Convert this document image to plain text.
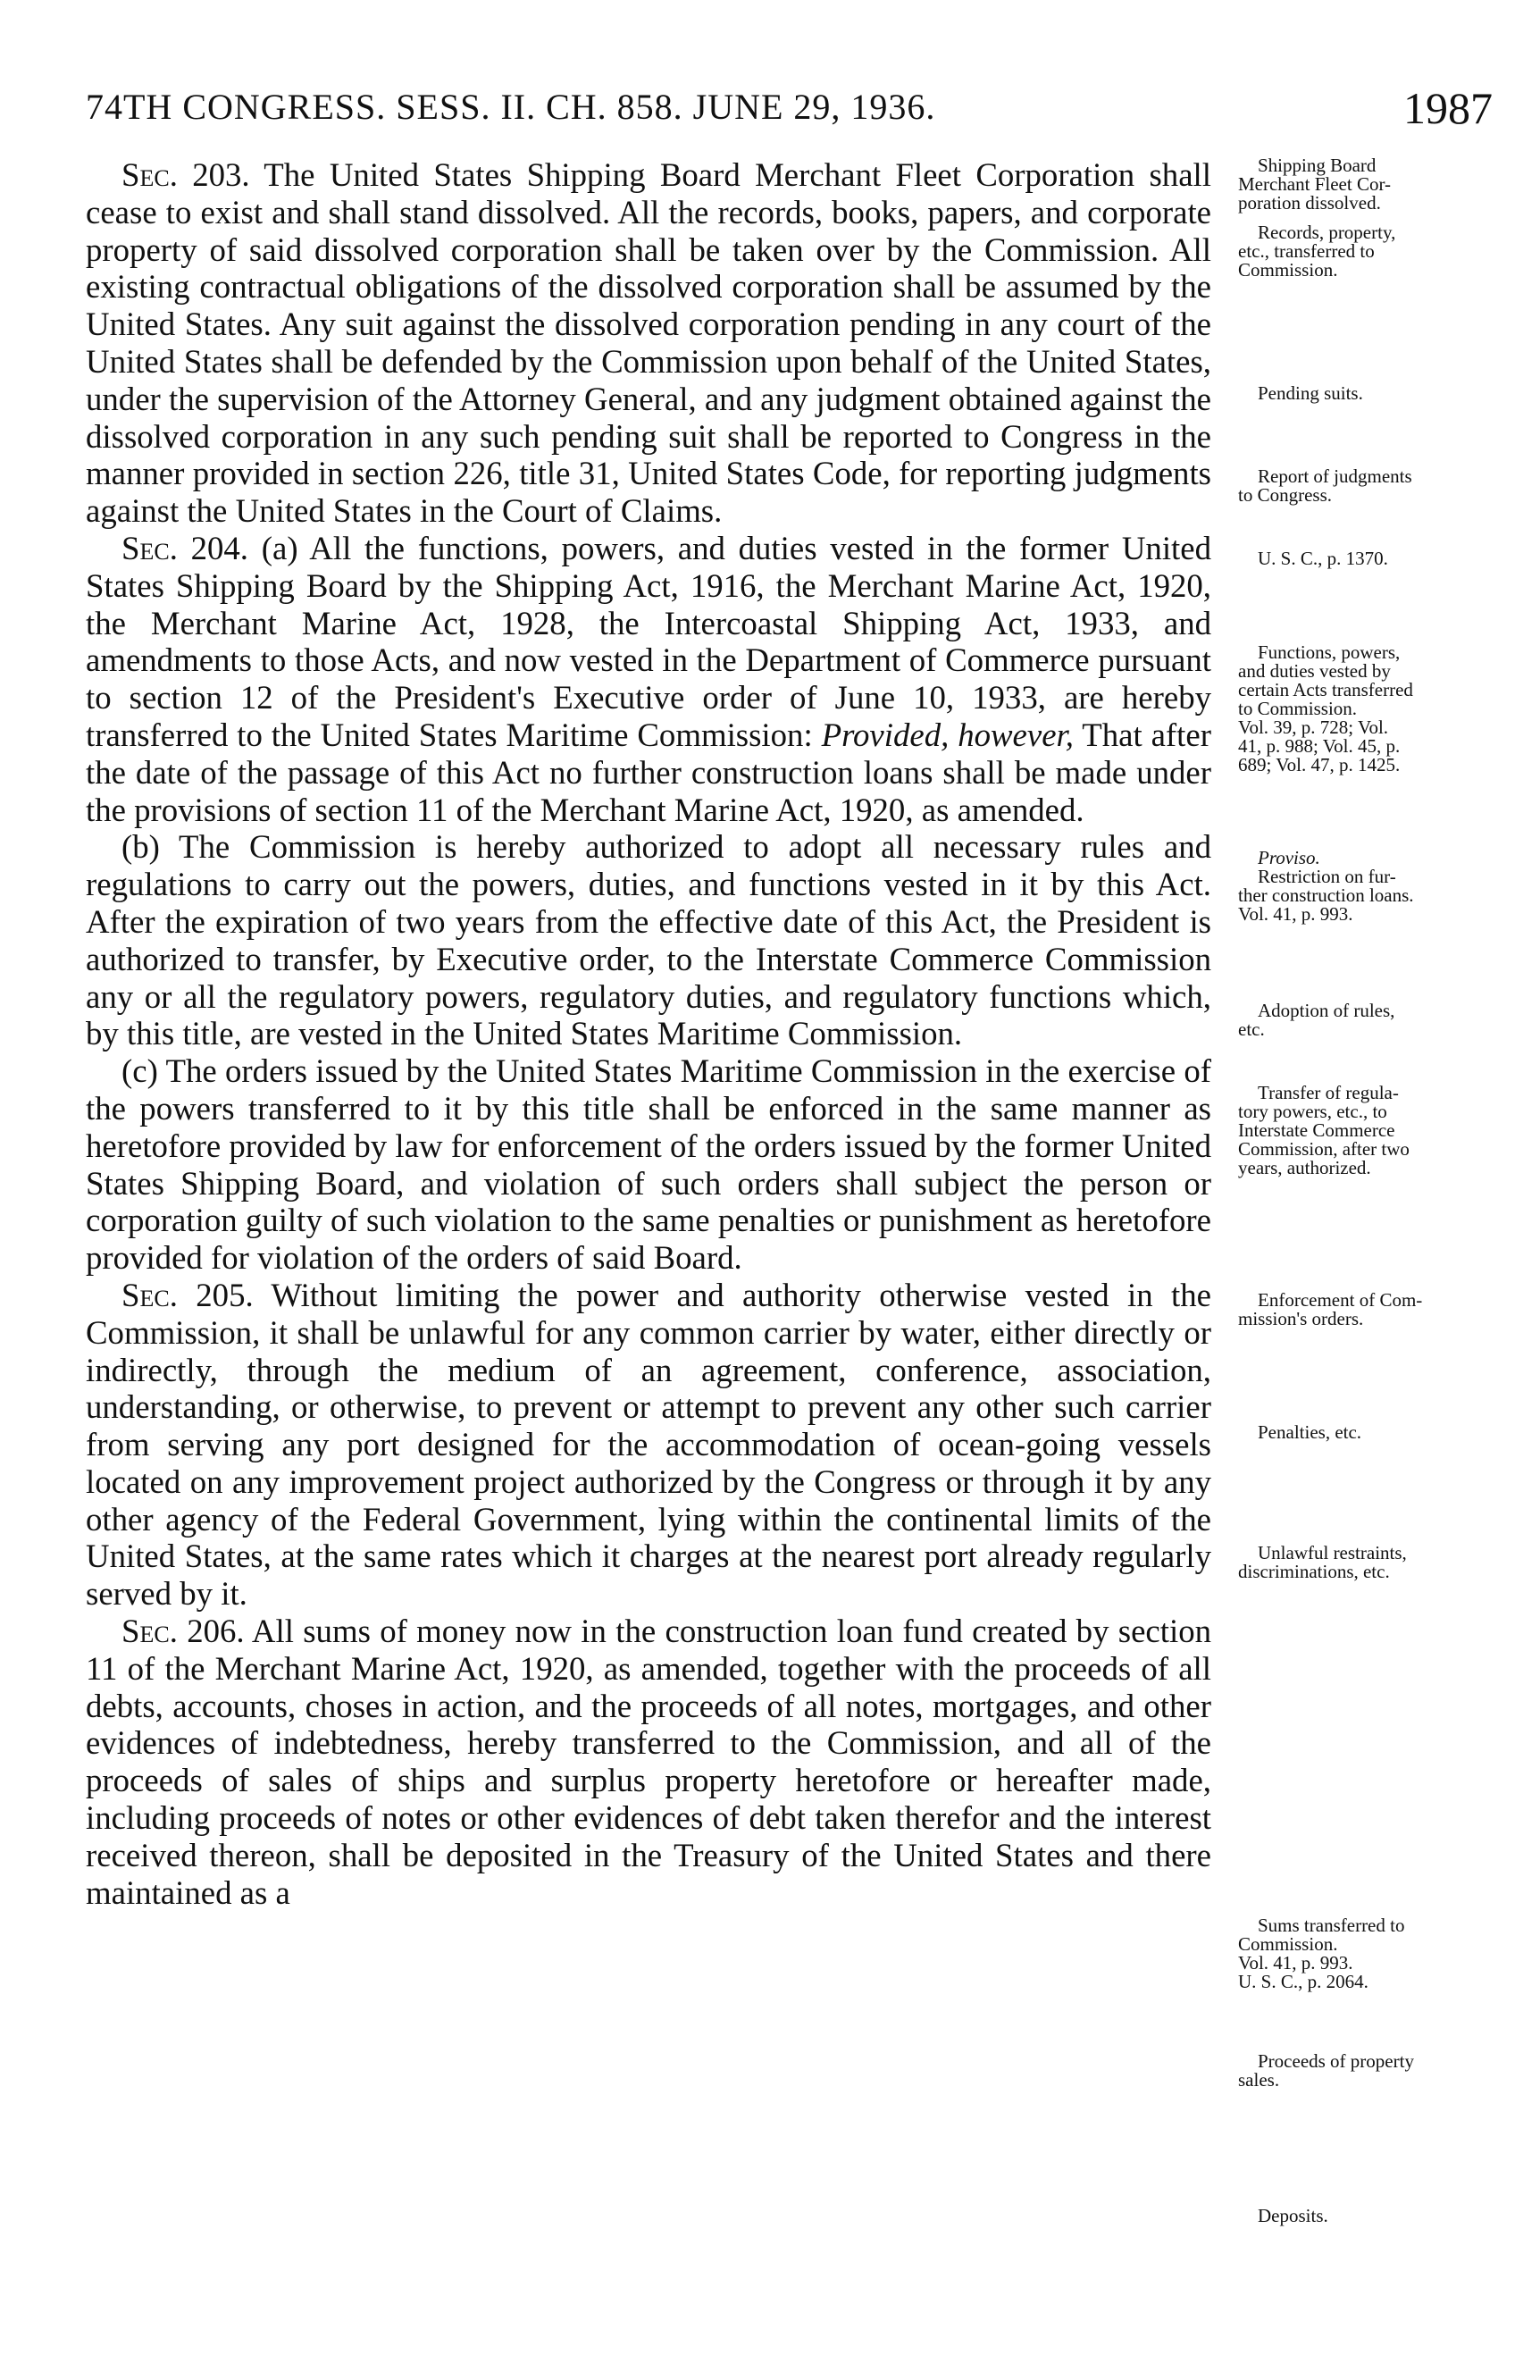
74TH CONGRESS. SESS. II. CH. 858. JUNE 29, 1936.	1987

Sec. 203. The United States Shipping Board Merchant Fleet Corporation shall cease to exist and shall stand dissolved. All the records, books, papers, and corporate property of said dissolved corporation shall be taken over by the Commission. All existing contractual obligations of the dissolved corporation shall be assumed by the United States. Any suit against the dissolved corporation pending in any court of the United States shall be defended by the Commission upon behalf of the United States, under the supervision of the Attorney General, and any judgment obtained against the dissolved corporation in any such pending suit shall be reported to Congress in the manner provided in section 226, title 31, United States Code, for reporting judgments against the United States in the Court of Claims.

Sec. 204. (a) All the functions, powers, and duties vested in the former United States Shipping Board by the Shipping Act, 1916, the Merchant Marine Act, 1920, the Merchant Marine Act, 1928, the Intercoastal Shipping Act, 1933, and amendments to those Acts, and now vested in the Department of Commerce pursuant to section 12 of the President's Executive order of June 10, 1933, are hereby transferred to the United States Maritime Commission: Provided, however, That after the date of the passage of this Act no further construction loans shall be made under the provisions of section 11 of the Merchant Marine Act, 1920, as amended.

(b) The Commission is hereby authorized to adopt all necessary rules and regulations to carry out the powers, duties, and functions vested in it by this Act. After the expiration of two years from the effective date of this Act, the President is authorized to transfer, by Executive order, to the Interstate Commerce Commission any or all the regulatory powers, regulatory duties, and regulatory functions which, by this title, are vested in the United States Maritime Commission.

(c) The orders issued by the United States Maritime Commission in the exercise of the powers transferred to it by this title shall be enforced in the same manner as heretofore provided by law for enforcement of the orders issued by the former United States Shipping Board, and violation of such orders shall subject the person or corporation guilty of such violation to the same penalties or punishment as heretofore provided for violation of the orders of said Board.

Sec. 205. Without limiting the power and authority otherwise vested in the Commission, it shall be unlawful for any common carrier by water, either directly or indirectly, through the medium of an agreement, conference, association, understanding, or otherwise, to prevent or attempt to prevent any other such carrier from serving any port designed for the accommodation of ocean-going vessels located on any improvement project authorized by the Congress or through it by any other agency of the Federal Government, lying within the continental limits of the United States, at the same rates which it charges at the nearest port already regularly served by it.

Sec. 206. All sums of money now in the construction loan fund created by section 11 of the Merchant Marine Act, 1920, as amended, together with the proceeds of all debts, accounts, choses in action, and the proceeds of all notes, mortgages, and other evidences of indebtedness, hereby transferred to the Commission, and all of the proceeds of sales of ships and surplus property heretofore or hereafter made, including proceeds of notes or other evidences of debt taken therefor and the interest received thereon, shall be deposited in the Treasury of the United States and there maintained as a

Shipping Board
Merchant Fleet Cor-
poration dissolved.
Records, property,
etc., transferred to
Commission.
Pending suits.
Report of judgments
to Congress.
U. S. C., p. 1370.
Functions, powers,
and duties vested by
certain Acts transferred
to Commission.
Vol. 39, p. 728; Vol.
41, p. 988; Vol. 45, p.
689; Vol. 47, p. 1425.
Proviso.
Restriction on fur-
ther construction loans.
Vol. 41, p. 993.
Adoption of rules,
etc.
Transfer of regula-
tory powers, etc., to
Interstate Commerce
Commission, after two
years, authorized.
Enforcement of Com-
mission's orders.
Penalties, etc.
Unlawful restraints,
discriminations, etc.
Sums transferred to
Commission.
Vol. 41, p. 993.
U. S. C., p. 2064.
Proceeds of property
sales.
Deposits.
